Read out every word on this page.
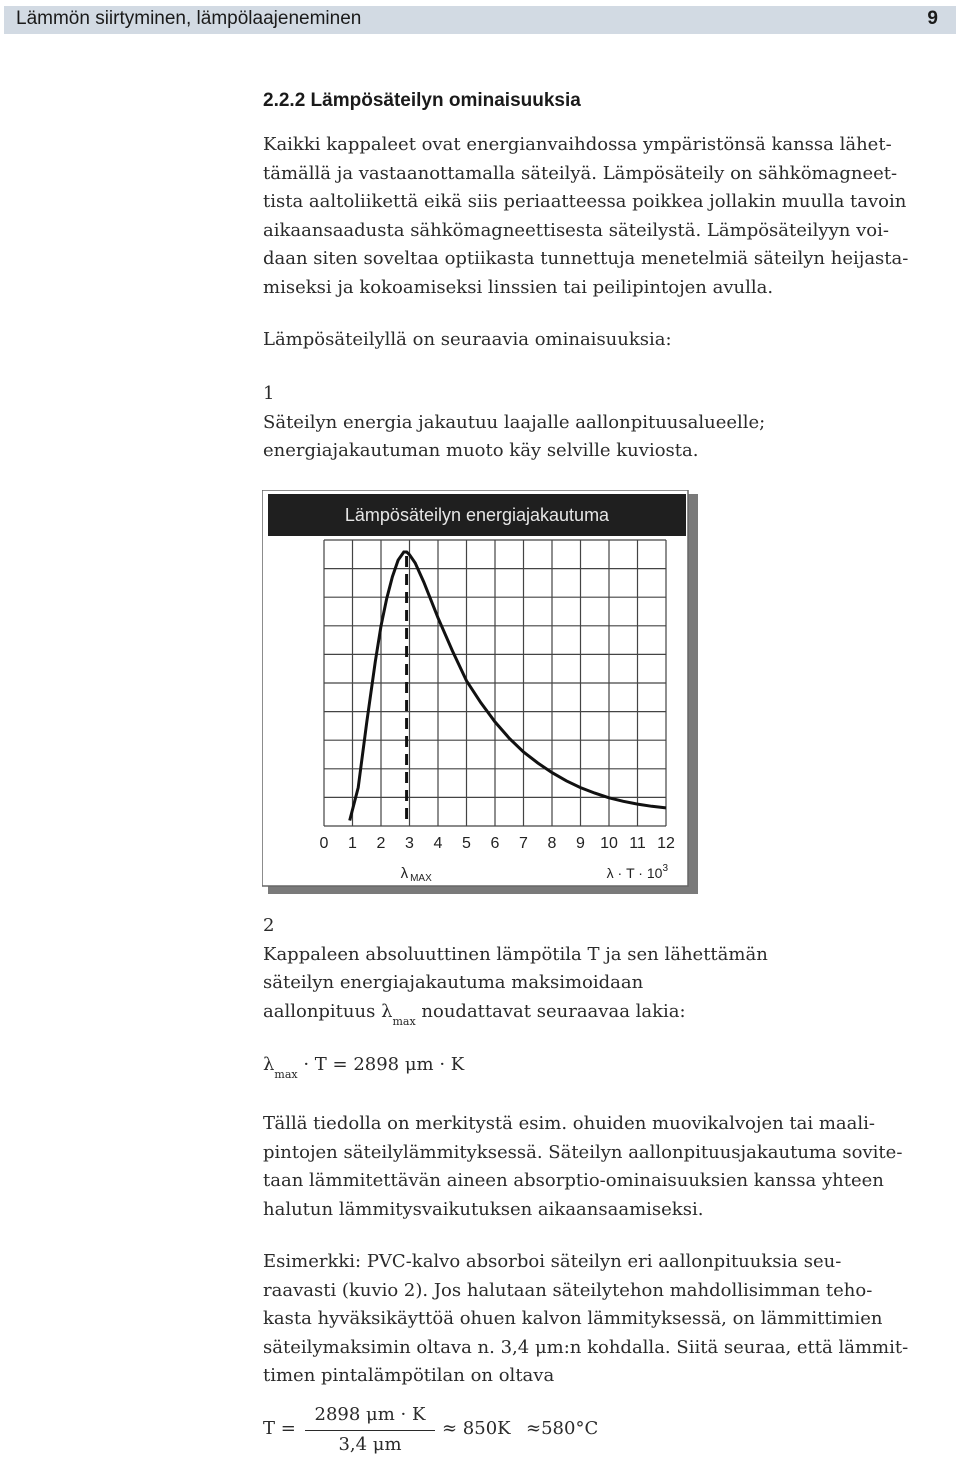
Lämmön siirtyminen, lämpölaajeneminen	9
2.2.2 Lämpösäteilyn ominaisuuksia
Kaikki kappaleet ovat energianvaihdossa ympäristönsä kanssa lähet-
tämällä ja vastaanottamalla säteilyä. Lämpösäteily on sähkömagneet-
tista aaltoliikettä eikä siis periaatteessa poikkea jollakin muulla tavoin
aikaansaadusta sähkömagneettisesta säteilystä. Lämpösäteilyyn voi-
daan siten soveltaa optiikasta tunnettuja menetelmiä säteilyn heijasta-
miseksi ja kokoamiseksi linssien tai peilipintojen avulla.
Lämpösäteilyllä on seuraavia ominaisuuksia:
1
Säteilyn energia jakautuu laajalle aallonpituusalueelle;
energiajakautuman muoto käy selville kuviosta.
Lämpösäteilyn energiajakautuma
0 1 2 3 4 5 6 7 8 9 10 11 12
λ $_{MAX}$	$\lambda \cdot T \cdot 10^3$
2
Kappaleen absoluuttinen lämpötila T ja sen lähettämän
säteilyn energiajakautuma maksimoidaan
aallonpituus $\lambda_{max}$ noudattavat seuraavaa lakia:
$\lambda_{max} \cdot T = 2898$ μm · K
Tällä tiedolla on merkitystä esim. ohuiden muovikalvojen tai maali-
pintojen säteilylämmityksessä. Säteilyn aallonpituusjakautuma sovite-
taan lämmitettävän aineen absorptio-ominaisuuksien kanssa yhteen
halutun lämmitysvaikutuksen aikaansaamiseksi.
Esimerkki: PVC-kalvo absorboi säteilyn eri aallonpituuksia seu-
raavasti (kuvio 2). Jos halutaan säteilytehon mahdollisimman teho-
kasta hyväksikäyttöä ohuen kalvon lämmityksessä, on lämmittimien
säteilymaksimin oltava n. 3,4 μm:n kohdalla. Siitä seuraa, että lämmit-
timen pintalämpötilan on oltava
T =
2898 μm · K
3,4 μm
≈ 850K ≈580°C
